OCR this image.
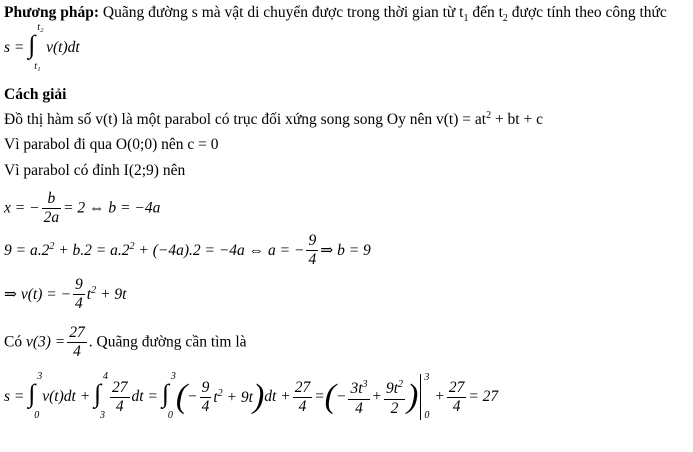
Phương pháp: Quãng đường s mà vật di chuyển được trong thời gian từ $t_1$ đến $t_2$ được tính theo công thức
s = ∫
t₂
t₁
v(t)dt
Cách giải
Đồ thị hàm số v(t) là một parabol có trục đối xứng song song Oy nên $v(t) = at^2$ + bt + c
Vì parabol đi qua O(0;0) nên c = 0
Vì parabol có đỉnh I(2;9) nên
x = − $\frac{b}{2a} = 2$ ⇔ b = −4a
$9 = a.2^2 + b.2 = a.2^2 + (-4a).2 = -4a$ ⇔ a = − $\frac{9}{4}$ ⇒ b = 9
⇒ v(t) = − $\frac{9}{4} t^2 + 9t$
Có $v(3) = \frac{27}{4}$ . Quãng đường cần tìm là
s = ∫
3
0
v(t)dt + ∫
4
$3 \frac{27}{4}$ dt = ∫
3
0
(− $\frac{9}{4} t^2 + 9t)dt + \frac{27}{4}$ =(− $\frac{3t^3}{4} + \frac{9t^2}{2}$ )
3
0
+ $\frac{27}{4} = 27$
